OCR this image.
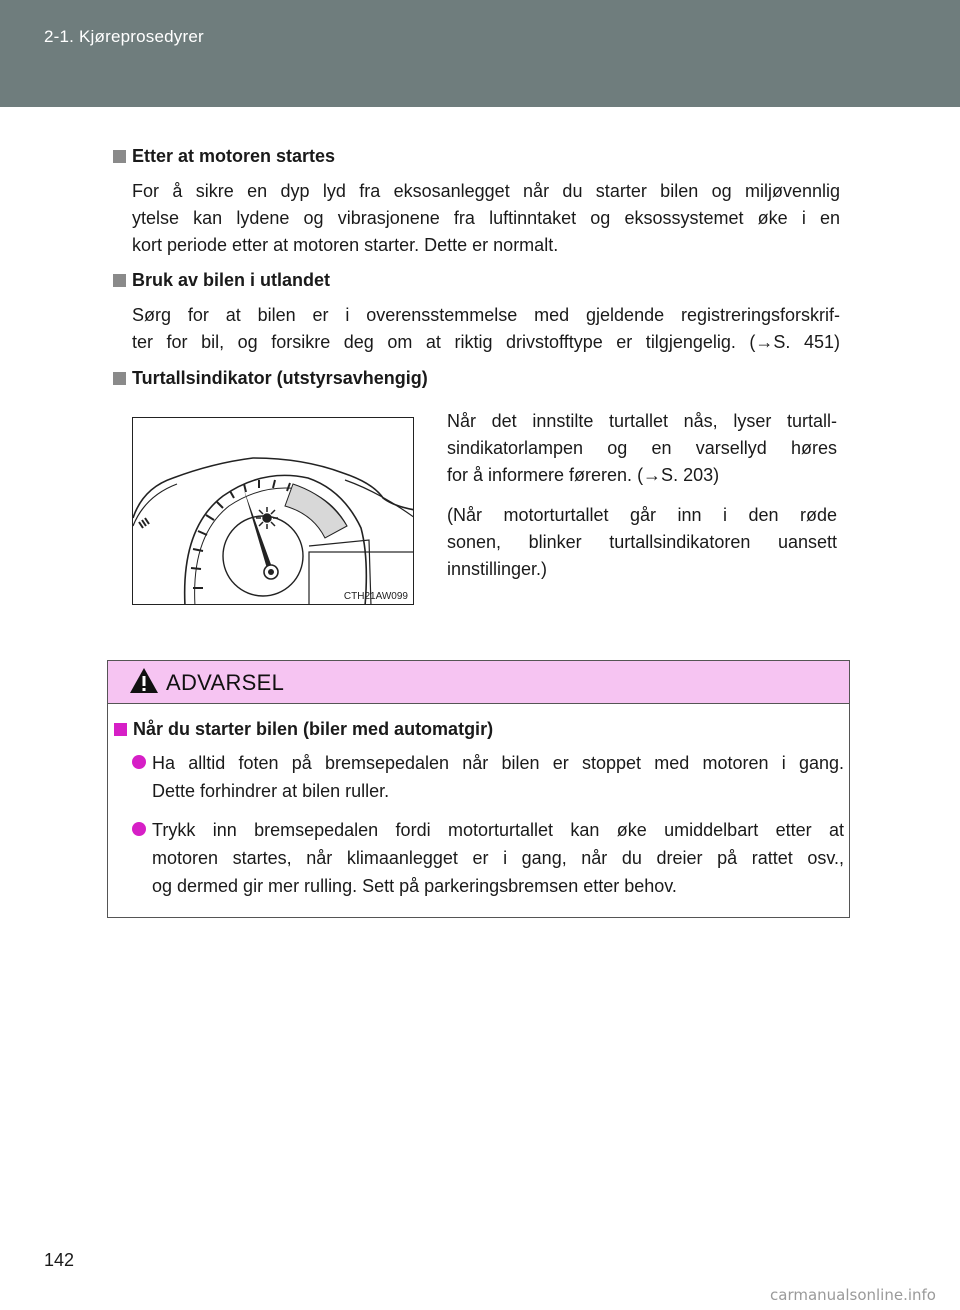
2-1. Kjøreprosedyrer
Etter at motoren startes
For å sikre en dyp lyd fra eksosanlegget når du starter bilen og miljøvennlig
ytelse kan lydene og vibrasjonene fra luftinntaket og eksossystemet øke i en
kort periode etter at motoren starter. Dette er normalt.
Bruk av bilen i utlandet
Sørg for at bilen er i overensstemmelse med gjeldende registreringsforskrif-
ter for bil, og forsikre deg om at riktig drivstofftype er tilgjengelig. (→S. 451)
Turtallsindikator (utstyrsavhengig)
CTH21AW099
Når det innstilte turtallet nås, lyser turtall-
sindikatorlampen og en varsellyd høres
for å informere føreren. (→S. 203)
(Når motorturtallet går inn i den røde
sonen, blinker turtallsindikatoren uansett
innstillinger.)
ADVARSEL
Når du starter bilen (biler med automatgir)
Ha alltid foten på bremsepedalen når bilen er stoppet med motoren i gang.
Dette forhindrer at bilen ruller.
Trykk inn bremsepedalen fordi motorturtallet kan øke umiddelbart etter at
motoren startes, når klimaanlegget er i gang, når du dreier på rattet osv.,
og dermed gir mer rulling. Sett på parkeringsbremsen etter behov.
142
carmanualsonline.info
